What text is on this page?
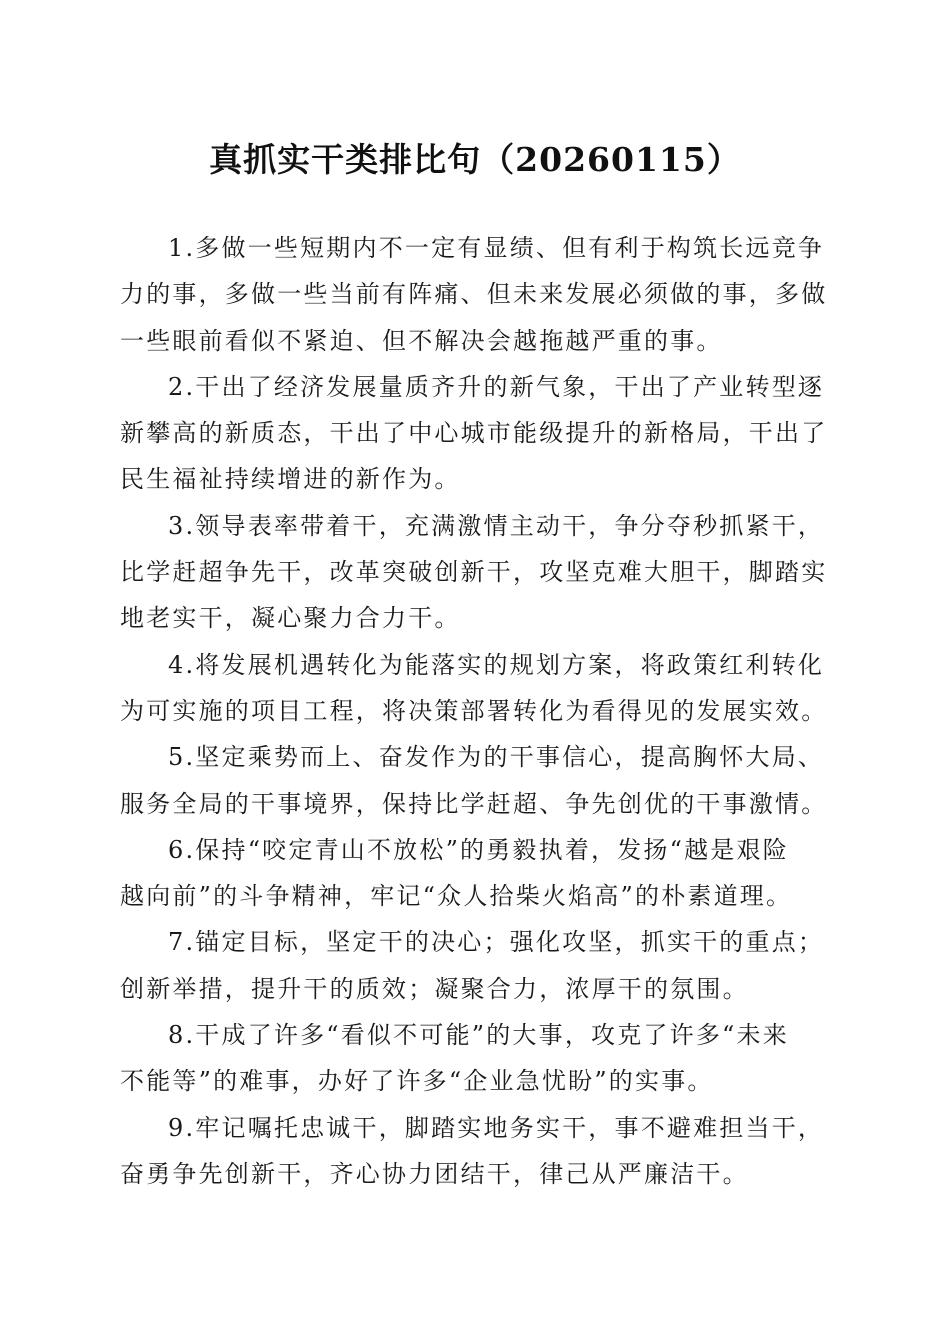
真抓实干类排比句（20260115）
1.多做一些短期内不一定有显绩、但有利于构筑长远竞争
力的事，多做一些当前有阵痛、但未来发展必须做的事，多做
一些眼前看似不紧迫、但不解决会越拖越严重的事。
2.干出了经济发展量质齐升的新气象，干出了产业转型逐
新攀高的新质态，干出了中心城市能级提升的新格局，干出了
民生福祉持续增进的新作为。
3.领导表率带着干，充满激情主动干，争分夺秒抓紧干，
比学赶超争先干，改革突破创新干，攻坚克难大胆干，脚踏实
地老实干，凝心聚力合力干。
4.将发展机遇转化为能落实的规划方案，将政策红利转化
为可实施的项目工程，将决策部署转化为看得见的发展实效。
5.坚定乘势而上、奋发作为的干事信心，提高胸怀大局、
服务全局的干事境界，保持比学赶超、争先创优的干事激情。
6.保持“咬定青山不放松”的勇毅执着，发扬“越是艰险
越向前”的斗争精神，牢记“众人拾柴火焰高”的朴素道理。
7.锚定目标，坚定干的决心；强化攻坚，抓实干的重点；
创新举措，提升干的质效；凝聚合力，浓厚干的氛围。
8.干成了许多“看似不可能”的大事，攻克了许多“未来
不能等”的难事，办好了许多“企业急忧盼”的实事。
9.牢记嘱托忠诚干，脚踏实地务实干，事不避难担当干，
奋勇争先创新干，齐心协力团结干，律己从严廉洁干。
